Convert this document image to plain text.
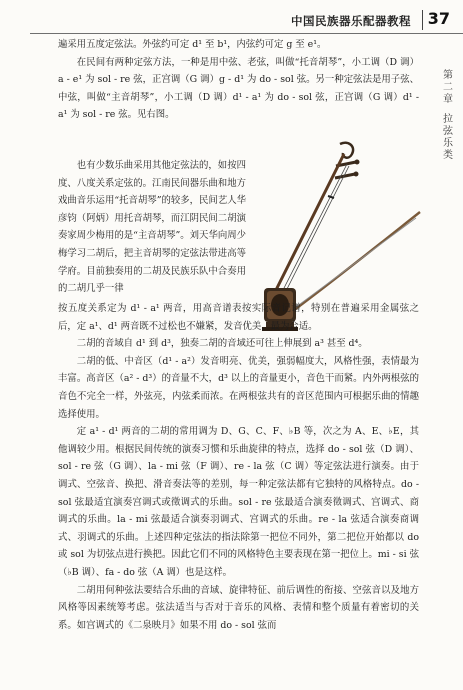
中国民族器乐配器教程 37
第
二
章
拉
弦
乐
类

遍采用五度定弦法。外弦约可定 d¹ 至 b¹，内弦约可定 g 至 e¹。

在民间有两种定弦方法，一种是用中弦、老弦，叫做“托音胡琴”，小工调（D 调）a - e¹ 为 sol - re 弦，正宫调（G 调）g - d¹ 为 do - sol 弦。另一种定弦法是用子弦、中弦，叫做“主音胡琴”，小工调（D 调）d¹ - a¹ 为 do - sol 弦，正宫调（G 调）d¹ - a¹ 为 sol - re 弦。见右图。

也有少数乐曲采用其他定弦法的，如按四度、八度关系定弦的。江南民间器乐曲和地方戏曲音乐运用“托音胡琴”的较多，民间艺人华彦钧（阿炳）用托音胡琴，而江阴民间二胡演奏家周少梅用的是“主音胡琴”。刘天华向周少梅学习二胡后，把主音胡琴的定弦法带进高等学府。目前独奏用的二胡及民族乐队中合奏用的二胡几乎一律

按五度关系定为 d¹ - a¹ 两音，用高音谱表按实际音记谱，特别在普遍采用金属弦之后，定 a¹、d¹ 两音既不过松也不嫌紧，发音优美，最为合适。

二胡的音域自 d¹ 到 d³，独奏二胡的音域还可往上伸展到 a³ 甚至 d⁴。

二胡的低、中音区（d¹ - a²）发音明亮、优美，强弱幅度大，风格性强，表情最为丰富。高音区（a² - d³）的音量不大，d³ 以上的音量更小，音色干而紧。内外两根弦的音色不完全一样，外弦亮，内弦柔而浓。在两根弦共有的音区范围内可根据乐曲的情趣选择使用。

定 a¹ - d¹ 两音的二胡的常用调为 D、G、C、F、♭B 等，次之为 A、E、♭E，其他调较少用。根据民间传统的演奏习惯和乐曲旋律的特点，选择 do - sol 弦（D 调）、sol - re 弦（G 调）、la - mi 弦（F 调）、re - la 弦（C 调）等定弦法进行演奏。由于调式、空弦音、换把、滑音奏法等的差别，每一种定弦法都有它独特的风格特点。do - sol 弦最适宜演奏宫调式或徵调式的乐曲。sol - re 弦最适合演奏徵调式、宫调式、商调式的乐曲。la - mi 弦最适合演奏羽调式、宫调式的乐曲。re - la 弦适合演奏商调式、羽调式的乐曲。上述四种定弦法的指法除第一把位不同外，第二把位开始都以 do 或 sol 为切弦点进行换把。因此它们不同的风格特色主要表现在第一把位上。mi - si 弦（♭B 调）、fa - do 弦（A 调）也是这样。

二胡用何种弦法要结合乐曲的音域、旋律特征、前后调性的衔接、空弦音以及地方风格等因素统筹考虑。弦法适当与否对于音乐的风格、表情和整个质量有着密切的关系。如宫调式的《二泉映月》如果不用 do - sol 弦而
